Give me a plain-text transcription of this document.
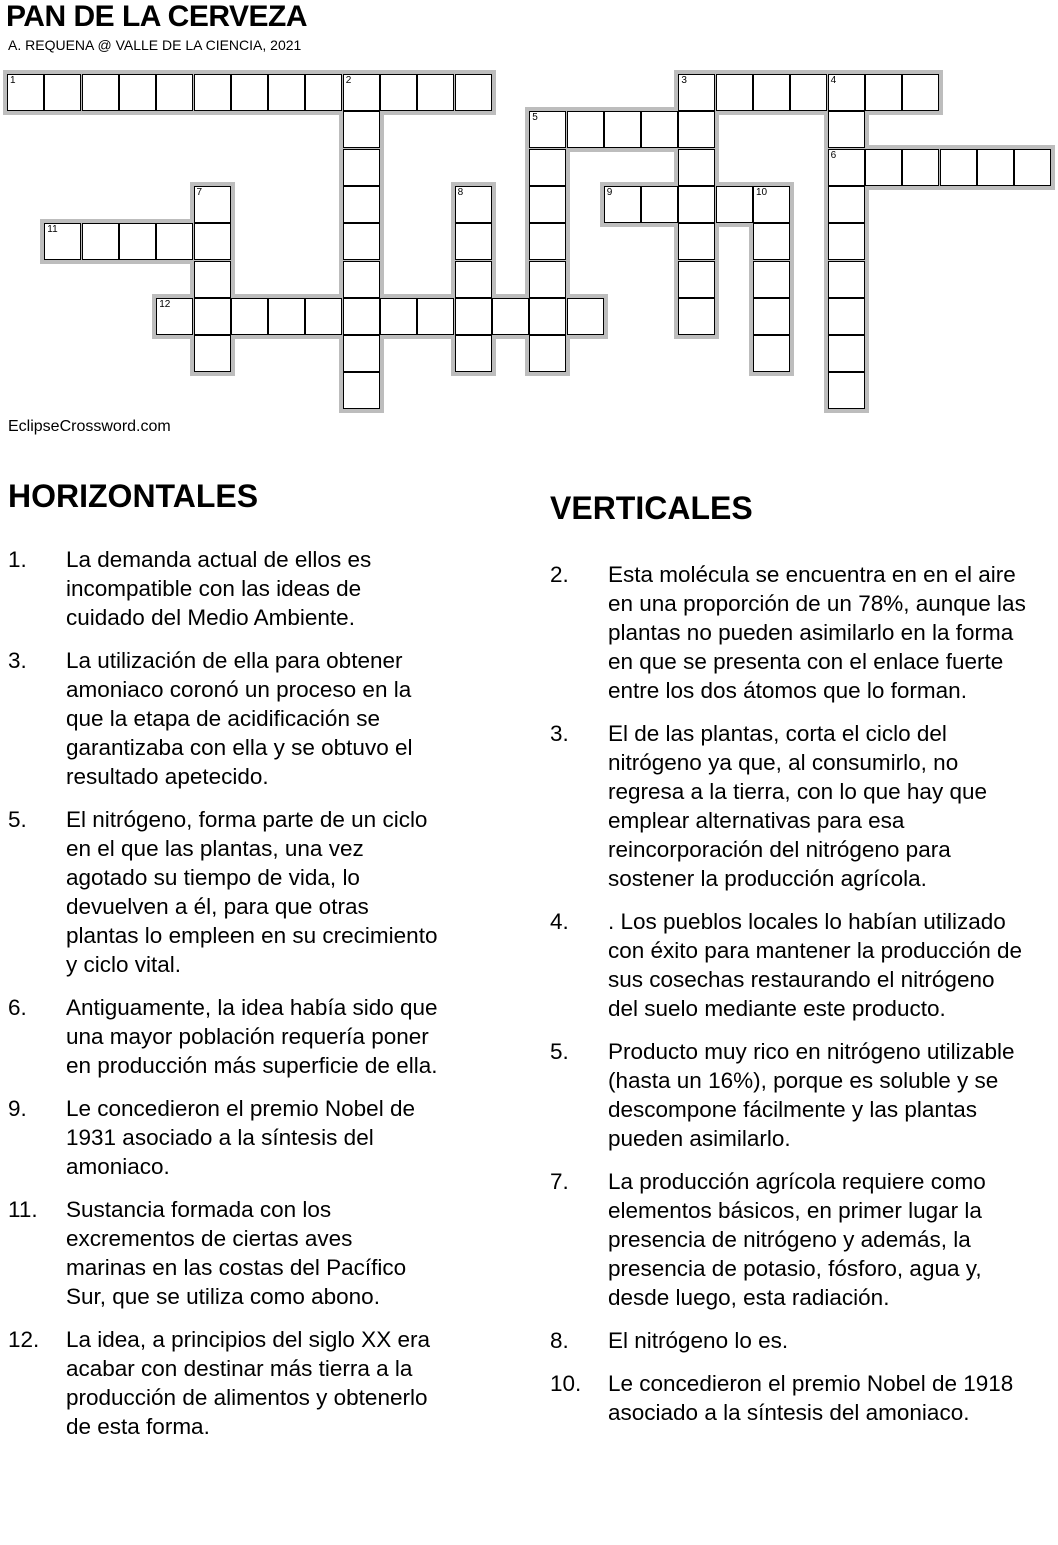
PAN DE LA CERVEZA
A. REQUENA @ VALLE DE LA CIENCIA, 2021
1	2	3	4
5
6
9	10
11
12
7	8
EclipseCrossword.com
HORIZONTALES
1.	La demanda actual de ellos es incompatible con las ideas de cuidado del Medio Ambiente.
3.	La utilización de ella para obtener amoniaco coronó un proceso en la que la etapa de acidificación se garantizaba con ella y se obtuvo el resultado apetecido.
5.	El nitrógeno, forma parte de un ciclo en el que las plantas, una vez agotado su tiempo de vida, lo devuelven a él, para que otras plantas lo empleen en su crecimiento y ciclo vital.
6.	Antiguamente, la idea había sido que una mayor población requería poner en producción más superficie de ella.
9.	Le concedieron el premio Nobel de 1931 asociado a la síntesis del amoniaco.
11.	Sustancia formada con los excrementos de ciertas aves marinas en las costas del Pacífico Sur, que se utiliza como abono.
12.	La idea, a principios del siglo XX era acabar con destinar más tierra a la producción de alimentos y obtenerlo de esta forma.
VERTICALES
2.	Esta molécula se encuentra en en el aire en una proporción de un 78%, aunque las plantas no pueden asimilarlo en la forma en que se presenta con el enlace fuerte entre los dos átomos que lo forman.
3.	El de las plantas, corta el ciclo del nitrógeno ya que, al consumirlo, no regresa a la tierra, con lo que hay que emplear alternativas para esa reincorporación del nitrógeno para sostener la producción agrícola.
4.	. Los pueblos locales lo habían utilizado con éxito para mantener la producción de sus cosechas restaurando el nitrógeno del suelo mediante este producto.
5.	Producto muy rico en nitrógeno utilizable (hasta un 16%), porque es soluble y se descompone fácilmente y las plantas pueden asimilarlo.
7.	La producción agrícola requiere como elementos básicos, en primer lugar la presencia de nitrógeno y además, la presencia de potasio, fósforo, agua y, desde luego, esta radiación.
8.	El nitrógeno lo es.
10.	Le concedieron el premio Nobel de 1918 asociado a la síntesis del amoniaco.
